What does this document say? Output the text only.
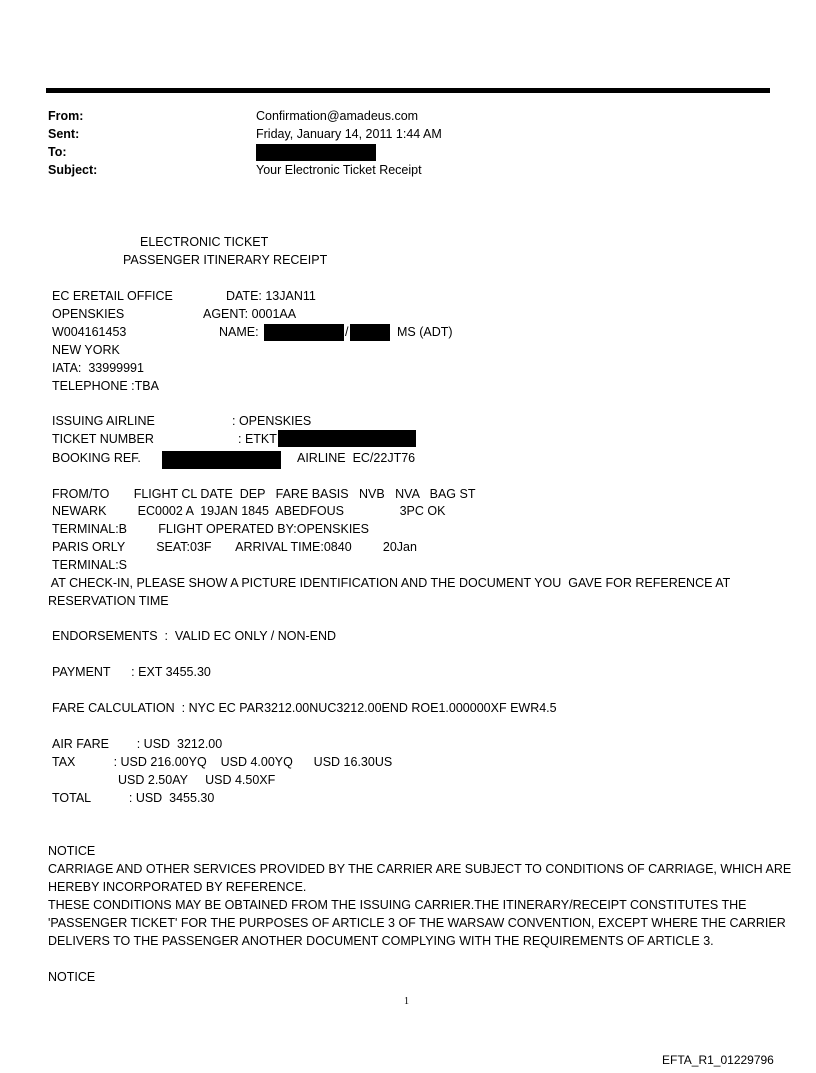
From:	Confirmation@amadeus.com
Sent:	Friday, January 14, 2011 1:44 AM
To:
Subject:	Your Electronic Ticket Receipt
ELECTRONIC TICKET
PASSENGER ITINERARY RECEIPT
EC ERETAIL OFFICE	DATE: 13JAN11
OPENSKIES	AGENT: 0001AA
W004161453	NAME:	/	MS (ADT)
NEW YORK
IATA:  33999991
TELEPHONE :TBA
ISSUING AIRLINE	: OPENSKIES
TICKET NUMBER	: ETKT
BOOKING REF.	AIRLINE  EC/22JT76
FROM/TO       FLIGHT CL DATE  DEP   FARE BASIS   NVB   NVA   BAG ST
NEWARK         EC0002 A  19JAN 1845  ABEDFOUS                3PC OK
TERMINAL:B         FLIGHT OPERATED BY:OPENSKIES
PARIS ORLY         SEAT:03F       ARRIVAL TIME:0840         20Jan
TERMINAL:S
AT CHECK-IN, PLEASE SHOW A PICTURE IDENTIFICATION AND THE DOCUMENT YOU  GAVE FOR REFERENCE AT
RESERVATION TIME
ENDORSEMENTS  :  VALID EC ONLY / NON-END
PAYMENT      : EXT 3455.30
FARE CALCULATION  : NYC EC PAR3212.00NUC3212.00END ROE1.000000XF EWR4.5
AIR FARE        : USD  3212.00
TAX           : USD 216.00YQ    USD 4.00YQ      USD 16.30US
USD 2.50AY     USD 4.50XF
TOTAL           : USD  3455.30
NOTICE
CARRIAGE AND OTHER SERVICES PROVIDED BY THE CARRIER ARE SUBJECT TO CONDITIONS OF CARRIAGE, WHICH ARE
HEREBY INCORPORATED BY REFERENCE.
THESE CONDITIONS MAY BE OBTAINED FROM THE ISSUING CARRIER.THE ITINERARY/RECEIPT CONSTITUTES THE
'PASSENGER TICKET' FOR THE PURPOSES OF ARTICLE 3 OF THE WARSAW CONVENTION, EXCEPT WHERE THE CARRIER
DELIVERS TO THE PASSENGER ANOTHER DOCUMENT COMPLYING WITH THE REQUIREMENTS OF ARTICLE 3.
NOTICE
1
EFTA_R1_01229796
